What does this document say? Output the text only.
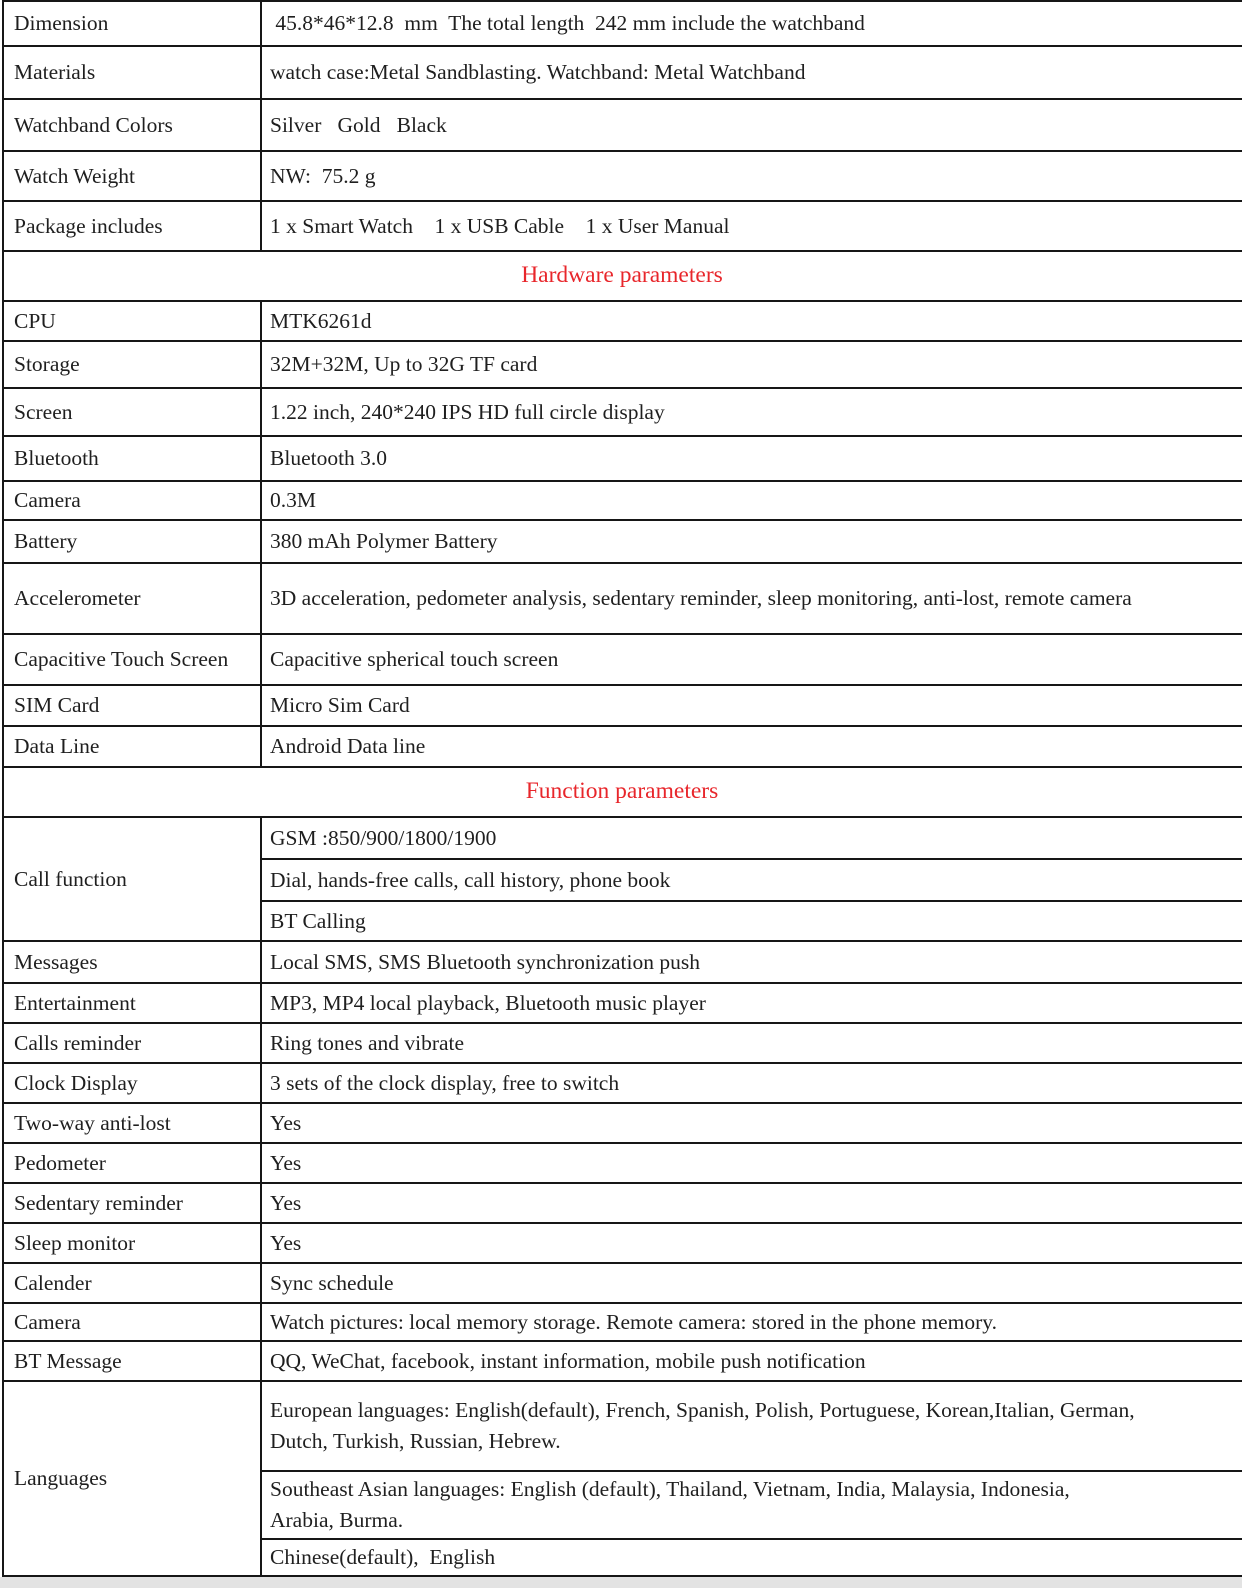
Dimension	45.8*46*12.8  mm  The total length  242 mm include the watchband
Materials	watch case:Metal Sandblasting. Watchband: Metal Watchband
Watchband Colors	Silver   Gold   Black
Watch Weight	NW:  75.2 g
Package includes	1 x Smart Watch    1 x USB Cable    1 x User Manual
Hardware parameters	
CPU	MTK6261d
Storage	32M+32M, Up to 32G TF card
Screen	1.22 inch, 240*240 IPS HD full circle display
Bluetooth	Bluetooth 3.0
Camera	0.3M
Battery	380 mAh Polymer Battery
Accelerometer	3D acceleration, pedometer analysis, sedentary reminder, sleep monitoring, anti-lost, remote camera
Capacitive Touch Screen	Capacitive spherical touch screen
SIM Card	Micro Sim Card
Data Line	Android Data line
Function parameters	
Call function	GSM :850/900/1800/1900
	Dial, hands-free calls, call history, phone book
	BT Calling
Messages	Local SMS, SMS Bluetooth synchronization push
Entertainment	MP3, MP4 local playback, Bluetooth music player
Calls reminder	Ring tones and vibrate
Clock Display	3 sets of the clock display, free to switch
Two-way anti-lost	Yes
Pedometer	Yes
Sedentary reminder	Yes
Sleep monitor	Yes
Calender	Sync schedule
Camera	Watch pictures: local memory storage. Remote camera: stored in the phone memory.
BT Message	QQ, WeChat, facebook, instant information, mobile push notification
Languages	European languages: English(default), French, Spanish, Polish, Portuguese, Korean,Italian, German,
Dutch, Turkish, Russian, Hebrew.

	Southeast Asian languages: English (default), Thailand, Vietnam, India, Malaysia, Indonesia,
Arabia, Burma.

	Chinese(default),  English
